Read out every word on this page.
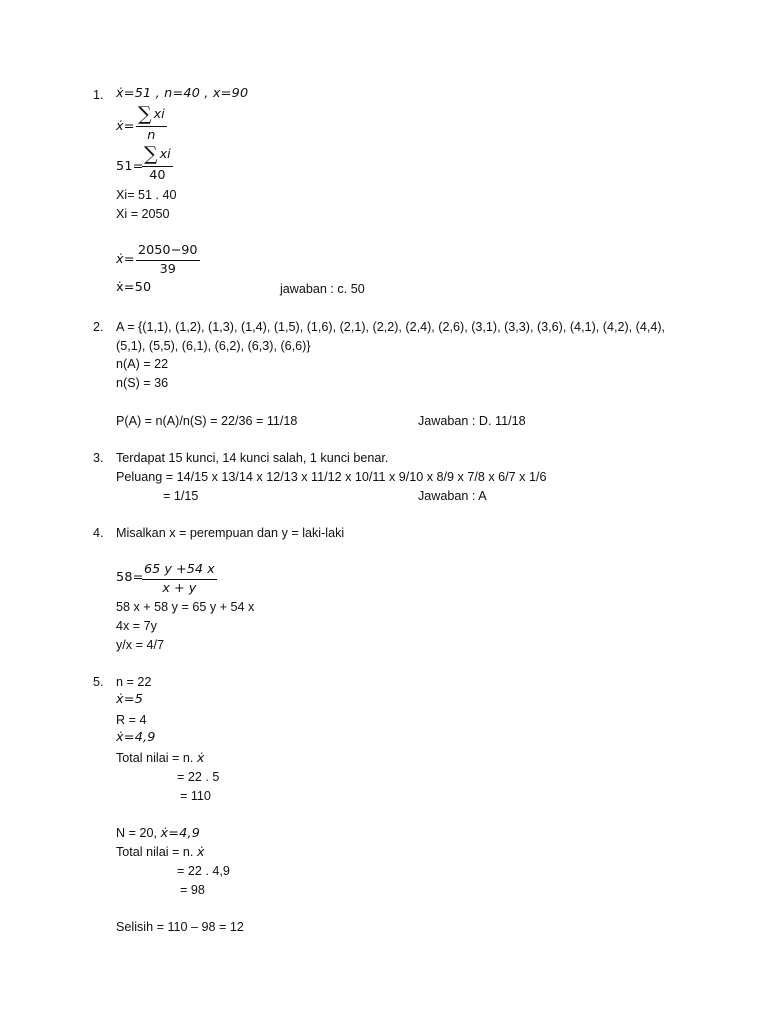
1. ẋ=51 , n=40 , x=90
ẋ= $\frac{\sum xi}{n}$
51=
$\frac{\sum xi}{40}$
Xi= 51 . 40
Xi = 2050
ẋ= $\frac{2050-90}{39}$
ẋ=50	jawaban : c. 50
2. A = {(1,1), (1,2), (1,3), (1,4), (1,5), (1,6), (2,1), (2,2), (2,4), (2,6), (3,1), (3,3), (3,6), (4,1), (4,2), (4,4),
(5,1), (5,5), (6,1), (6,2), (6,3), (6,6)}
n(A) = 22
n(S) = 36
P(A) = n(A)/n(S) = 22/36 = 11/18	Jawaban : D. 11/18
3. Terdapat 15 kunci, 14 kunci salah, 1 kunci benar.
Peluang = 14/15 x 13/14 x 12/13 x 11/12 x 10/11 x 9/10 x 8/9 x 7/8 x 6/7 x 1/6
= 1/15	Jawaban : A
4. Misalkan x = perempuan dan y = laki-laki
58=
$\frac{65 y +54 x}{x + y}$
58 x + 58 y = 65 y + 54 x
4x = 7y
y/x = 4/7
5. n = 22
ẋ=5
R = 4
ẋ=4,9
Total nilai = n. ẋ
= 22 . 5
= 110
N = 20, ẋ=4,9
Total nilai = n. ẋ
= 22 . 4,9
= 98
Selisih = 110 – 98 = 12
